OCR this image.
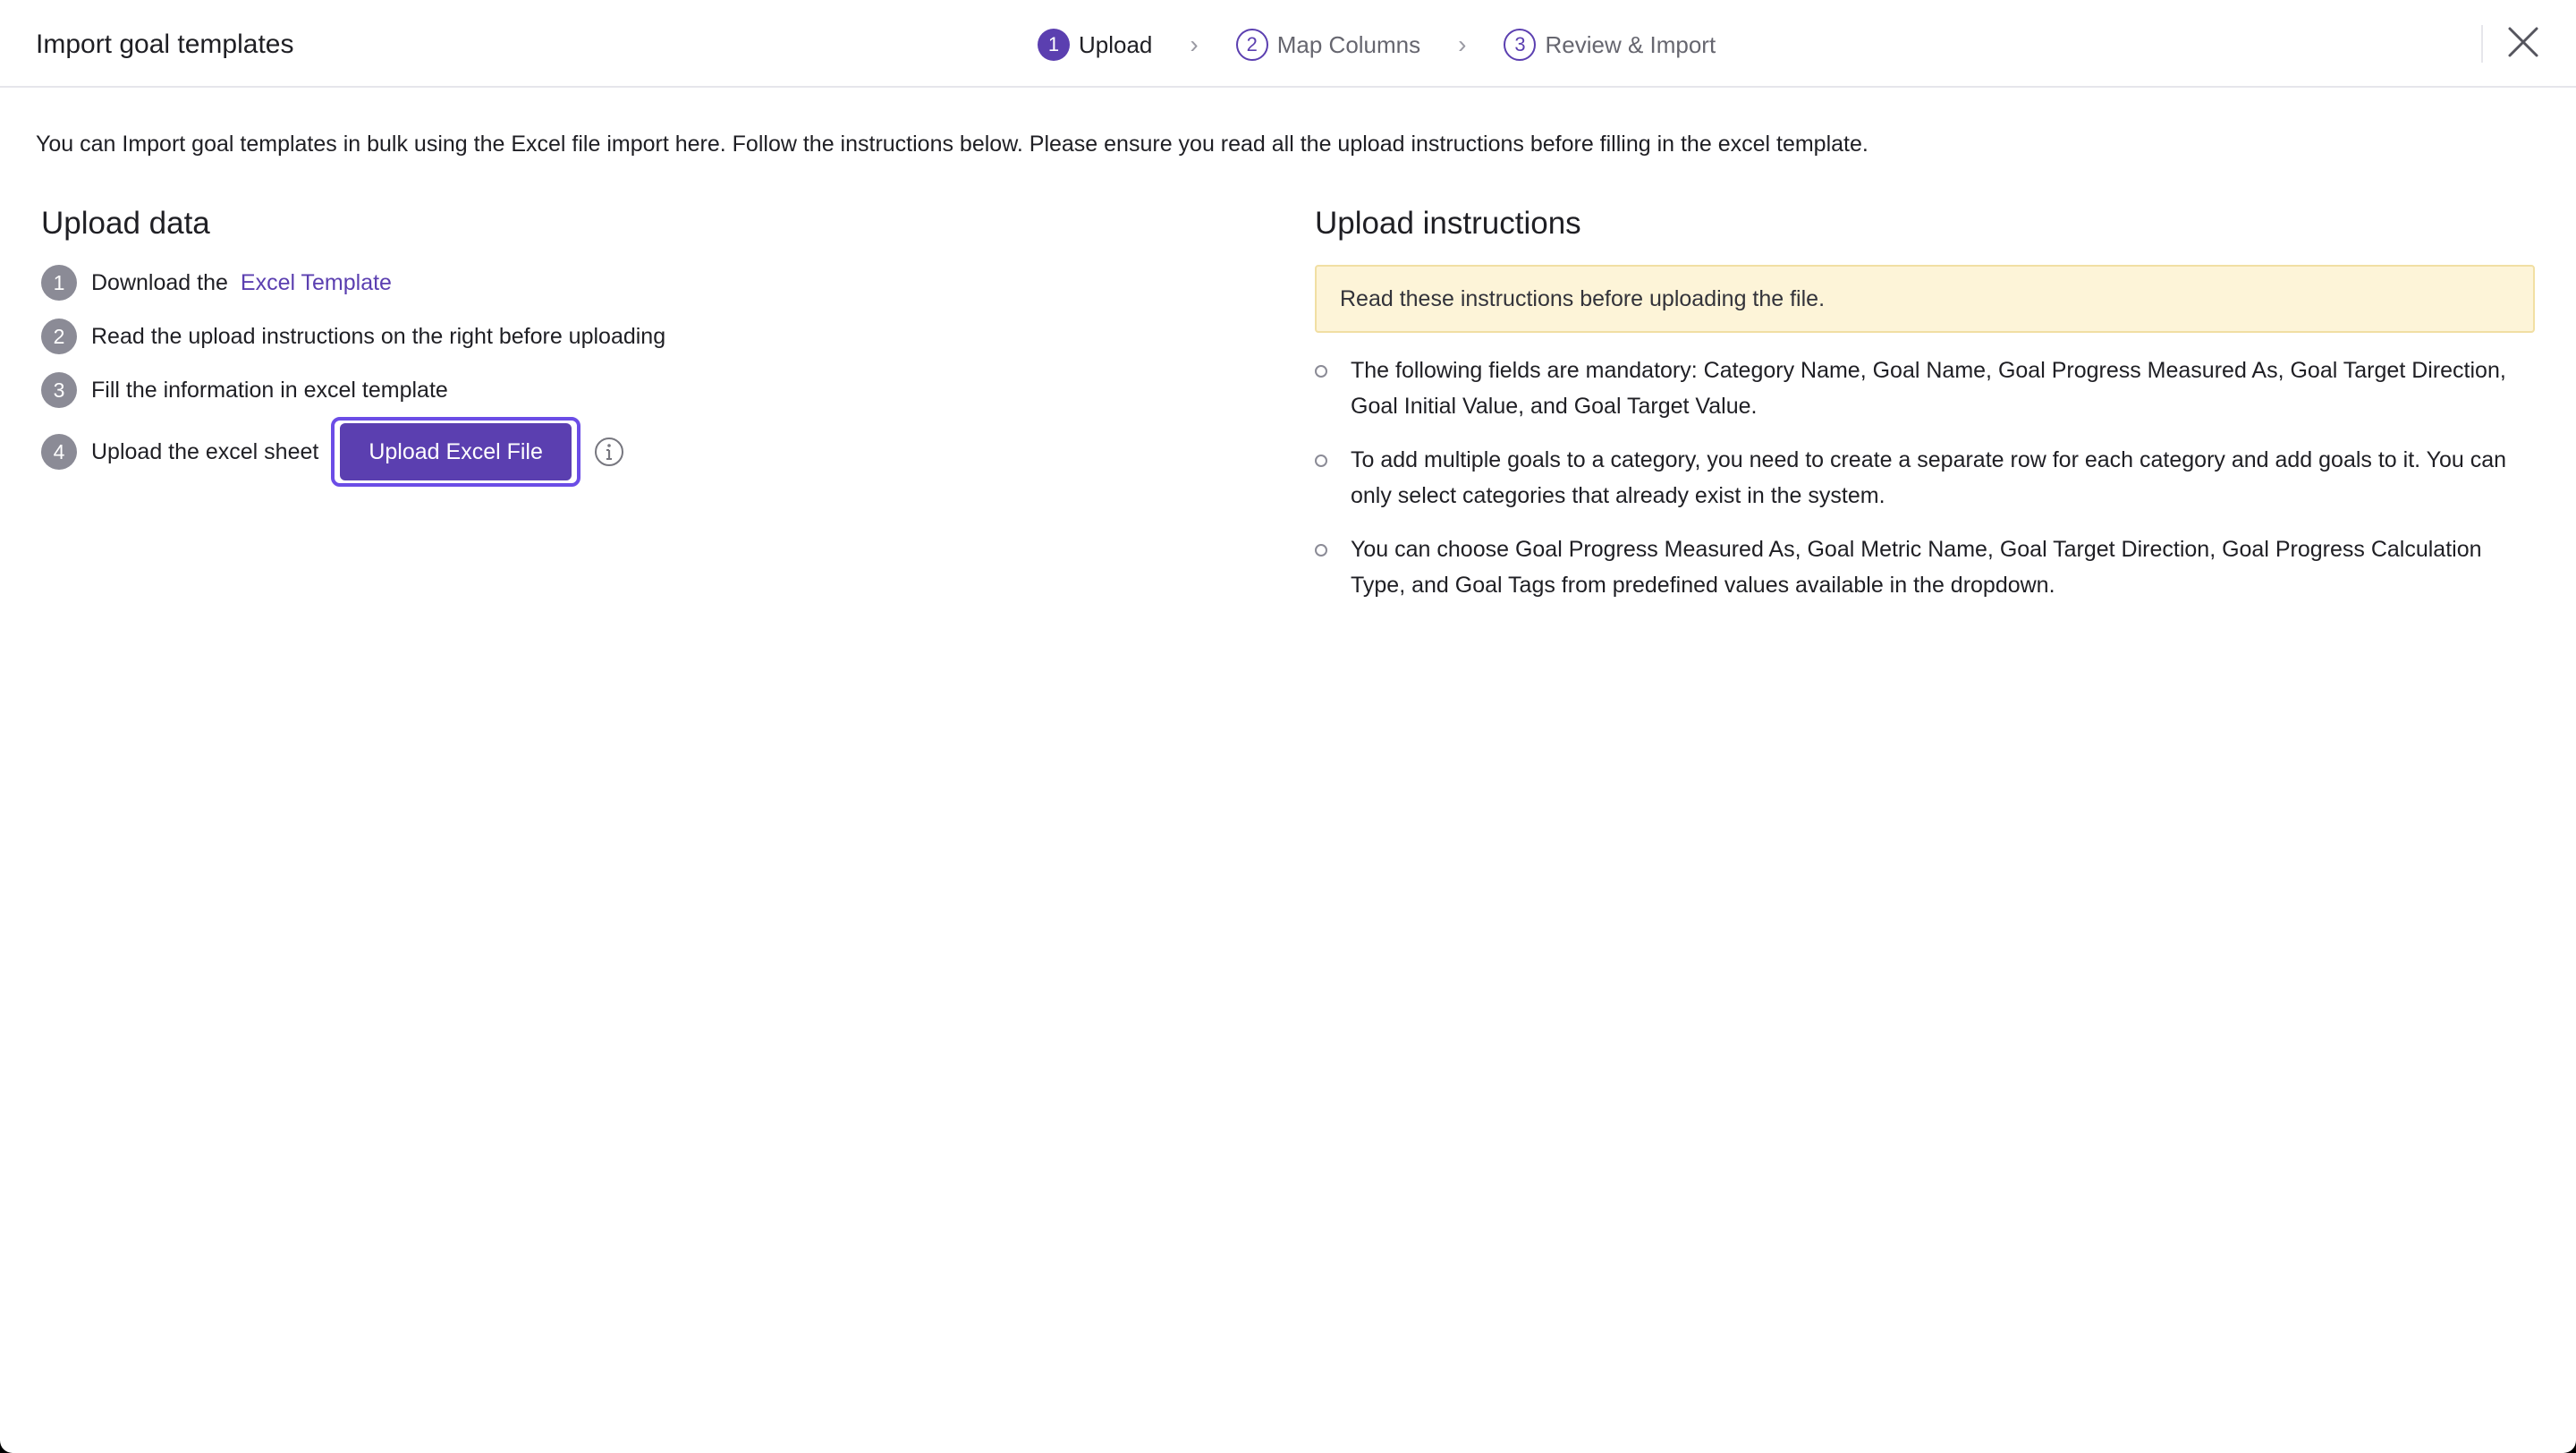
Import goal templates	1 Upload ›	2 Map Columns ›	3 Review & Import
You can Import goal templates in bulk using the Excel file import here. Follow the instructions below. Please ensure you read all the upload instructions before filling in the excel template.
Upload data
1	Download the Excel Template
2	Read the upload instructions on the right before uploading
3	Fill the information in excel template
4	Upload the excel sheet	Upload Excel File
Upload instructions
Read these instructions before uploading the file.
The following fields are mandatory: Category Name, Goal Name, Goal Progress Measured As, Goal Target Direction, Goal Initial Value, and Goal Target Value.
To add multiple goals to a category, you need to create a separate row for each category and add goals to it. You can only select categories that already exist in the system.
You can choose Goal Progress Measured As, Goal Metric Name, Goal Target Direction, Goal Progress Calculation Type, and Goal Tags from predefined values available in the dropdown.
